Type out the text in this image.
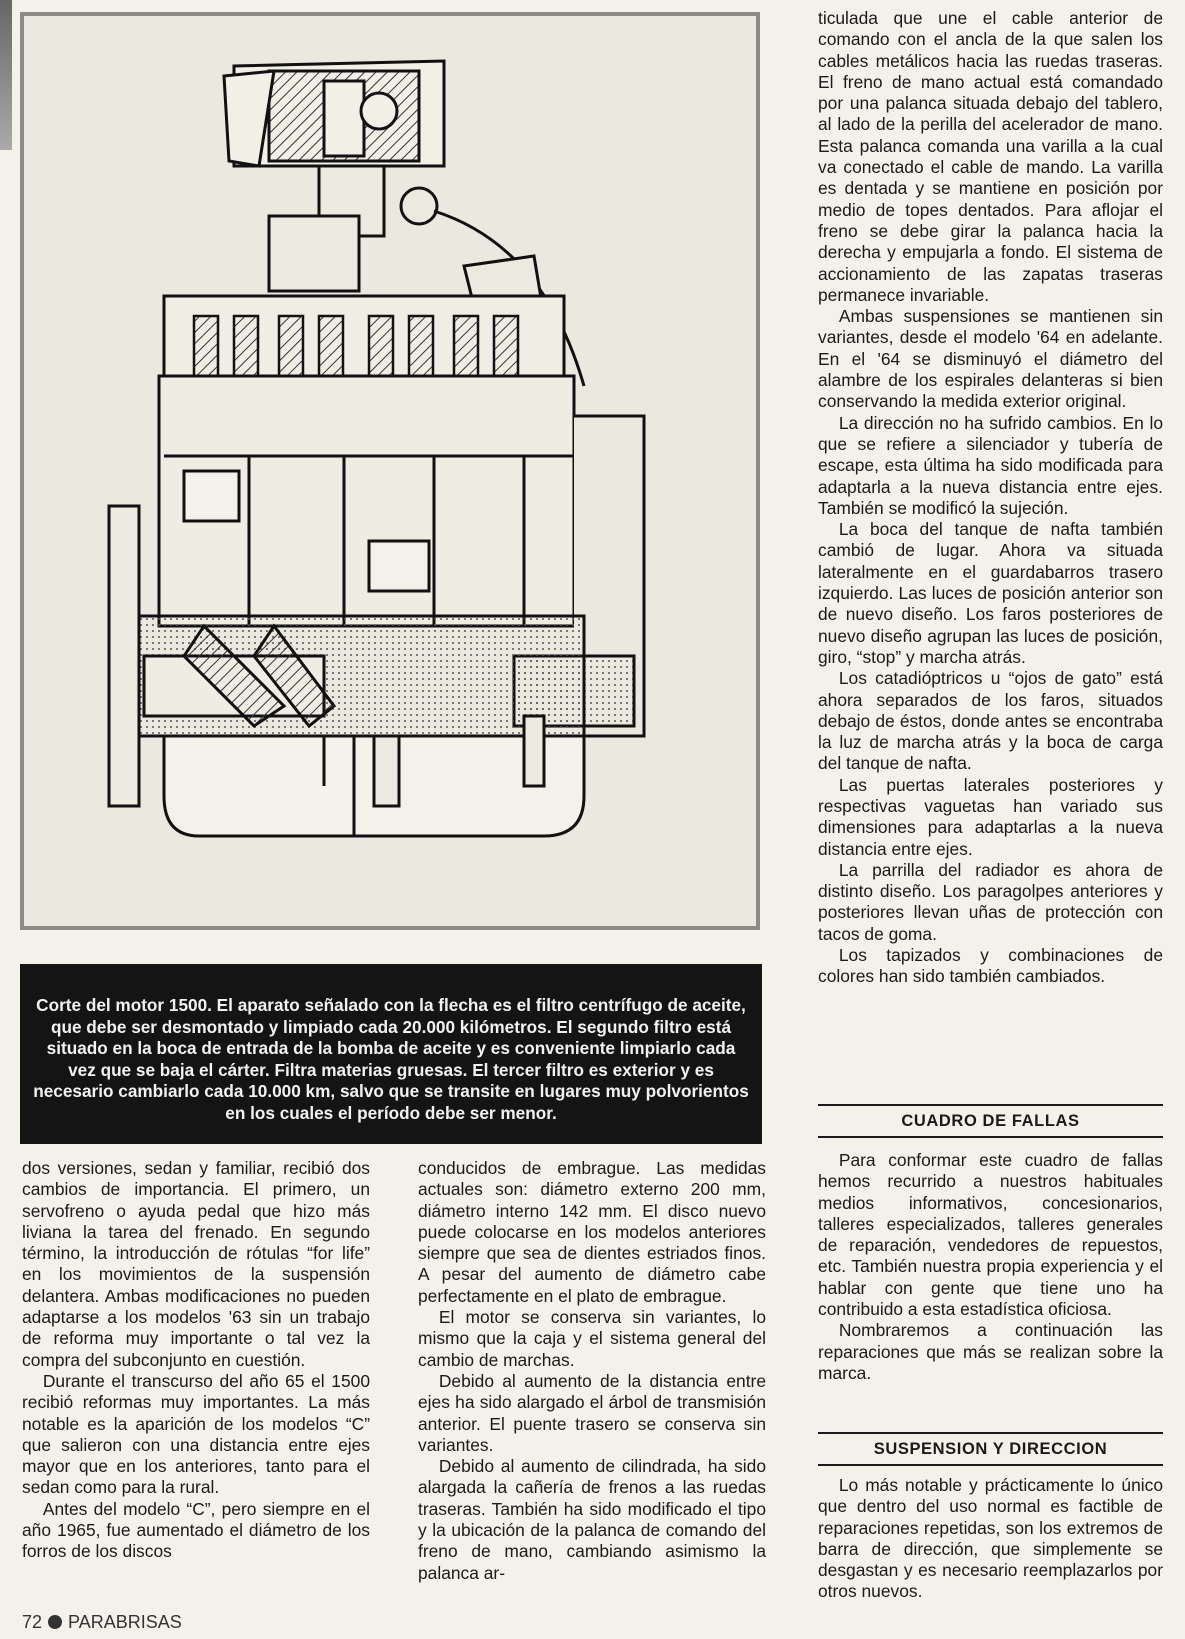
Corte del motor 1500. El aparato señalado con la flecha es el filtro centrífugo de aceite, que debe ser desmontado y limpiado cada 20.000 kilómetros. El segundo filtro está situado en la boca de entrada de la bomba de aceite y es conveniente limpiarlo cada vez que se baja el cárter. Filtra materias gruesas. El tercer filtro es exterior y es necesario cambiarlo cada 10.000 km, salvo que se transite en lugares muy polvorientos en los cuales el período debe ser menor.

ticulada que une el cable anterior de comando con el ancla de la que salen los cables metálicos hacia las ruedas traseras. El freno de mano actual está comandado por una palanca situada debajo del tablero, al lado de la perilla del acelerador de mano. Esta palanca comanda una varilla a la cual va conectado el cable de mando. La varilla es dentada y se mantiene en posición por medio de topes dentados. Para aflojar el freno se debe girar la palanca hacia la derecha y empujarla a fondo. El sistema de accionamiento de las zapatas traseras permanece invariable.

Ambas suspensiones se mantienen sin variantes, desde el modelo '64 en adelante. En el '64 se disminuyó el diámetro del alambre de los espirales delanteras si bien conservando la medida exterior original.

La dirección no ha sufrido cambios. En lo que se refiere a silenciador y tubería de escape, esta última ha sido modificada para adaptarla a la nueva distancia entre ejes. También se modificó la sujeción.

La boca del tanque de nafta también cambió de lugar. Ahora va situada lateralmente en el guardabarros trasero izquierdo. Las luces de posición anterior son de nuevo diseño. Los faros posteriores de nuevo diseño agrupan las luces de posición, giro, “stop” y marcha atrás.

Los catadióptricos u “ojos de gato” está ahora separados de los faros, situados debajo de éstos, donde antes se encontraba la luz de marcha atrás y la boca de carga del tanque de nafta.

Las puertas laterales posteriores y respectivas vaguetas han variado sus dimensiones para adaptarlas a la nueva distancia entre ejes.

La parrilla del radiador es ahora de distinto diseño. Los paragolpes anteriores y posteriores llevan uñas de protección con tacos de goma.

Los tapizados y combinaciones de colores han sido también cambiados.

dos versiones, sedan y familiar, recibió dos cambios de importancia. El primero, un servofreno o ayuda pedal que hizo más liviana la tarea del frenado. En segundo término, la introducción de rótulas “for life” en los movimientos de la suspensión delantera. Ambas modificaciones no pueden adaptarse a los modelos '63 sin un trabajo de reforma muy importante o tal vez la compra del subconjunto en cuestión.

Durante el transcurso del año 65 el 1500 recibió reformas muy importantes. La más notable es la aparición de los modelos “C” que salieron con una distancia entre ejes mayor que en los anteriores, tanto para el sedan como para la rural.

Antes del modelo “C”, pero siempre en el año 1965, fue aumentado el diámetro de los forros de los discos

conducidos de embrague. Las medidas actuales son: diámetro externo 200 mm, diámetro interno 142 mm. El disco nuevo puede colocarse en los modelos anteriores siempre que sea de dientes estriados finos. A pesar del aumento de diámetro cabe perfectamente en el plato de embrague.

El motor se conserva sin variantes, lo mismo que la caja y el sistema general del cambio de marchas.

Debido al aumento de la distancia entre ejes ha sido alargado el árbol de transmisión anterior. El puente trasero se conserva sin variantes.

Debido al aumento de cilindrada, ha sido alargada la cañería de frenos a las ruedas traseras. También ha sido modificado el tipo y la ubicación de la palanca de comando del freno de mano, cambiando asimismo la palanca ar-

CUADRO DE FALLAS

Para conformar este cuadro de fallas hemos recurrido a nuestros habituales medios informativos, concesionarios, talleres especializados, talleres generales de reparación, vendedores de repuestos, etc. También nuestra propia experiencia y el hablar con gente que tiene uno ha contribuido a esta estadística oficiosa.

Nombraremos a continuación las reparaciones que más se realizan sobre la marca.

SUSPENSION Y DIRECCION

Lo más notable y prácticamente lo único que dentro del uso normal es factible de reparaciones repetidas, son los extremos de barra de dirección, que simplemente se desgastan y es necesario reemplazarlos por otros nuevos.

72 PARABRISAS
